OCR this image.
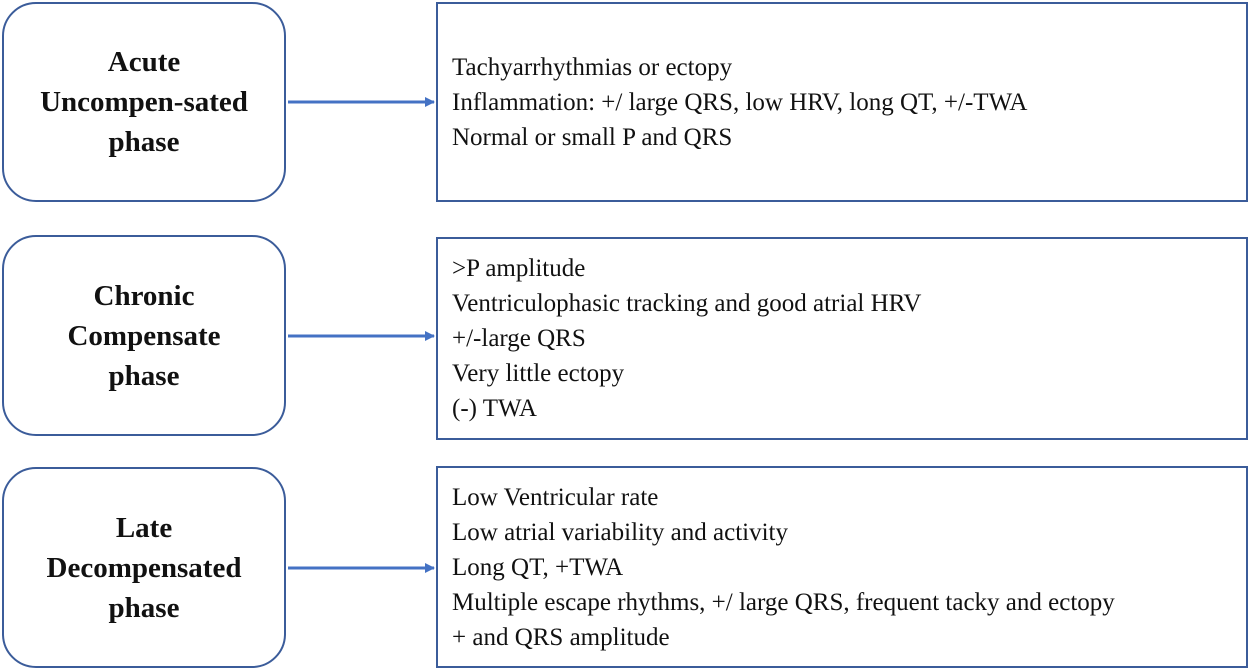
Acute
Uncompen-sated
phase
Chronic
Compensate
phase
Late
Decompensated
phase
Tachyarrhythmias or ectopy
Inflammation: +/ large QRS, low HRV, long QT, +/-TWA
Normal or small P and QRS
>P amplitude
Ventriculophasic tracking and good atrial HRV
+/-large QRS
Very little ectopy
(-) TWA
Low Ventricular rate
Low atrial variability and activity
Long QT, +TWA
Multiple escape rhythms, +/ large QRS, frequent tacky and ectopy
+ and QRS amplitude
